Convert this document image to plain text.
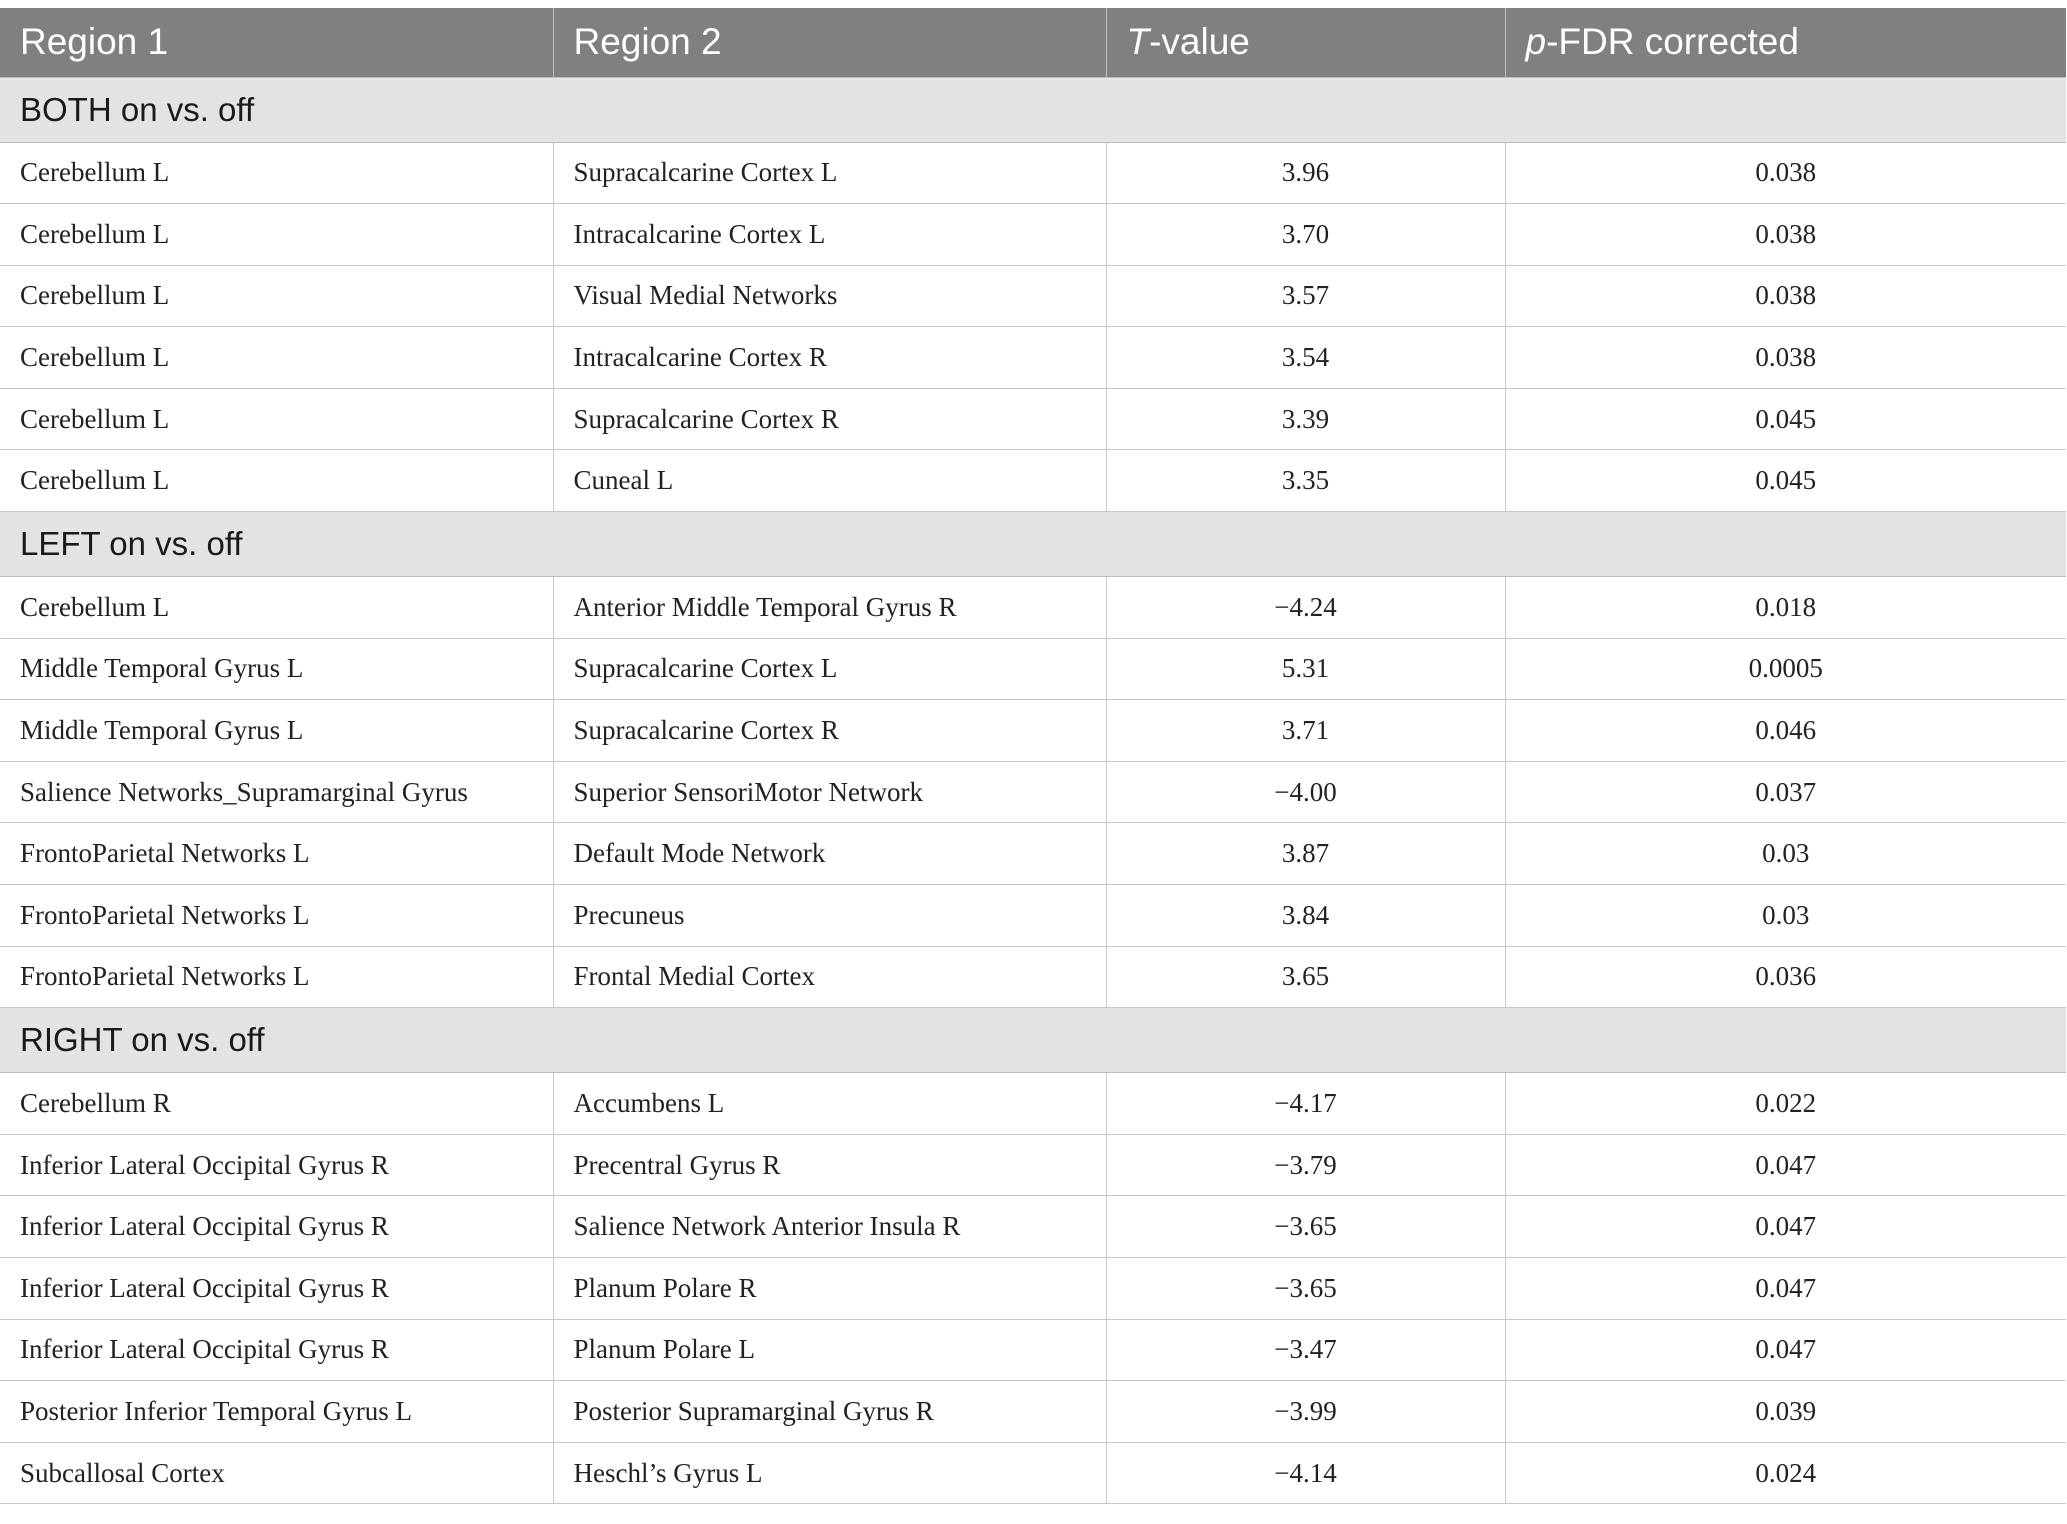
Region 1	Region 2	T-value	p-FDR corrected
BOTH on vs. off			
Cerebellum L	Supracalcarine Cortex L	3.96	0.038
Cerebellum L	Intracalcarine Cortex L	3.70	0.038
Cerebellum L	Visual Medial Networks	3.57	0.038
Cerebellum L	Intracalcarine Cortex R	3.54	0.038
Cerebellum L	Supracalcarine Cortex R	3.39	0.045
Cerebellum L	Cuneal L	3.35	0.045
LEFT on vs. off			
Cerebellum L	Anterior Middle Temporal Gyrus R	−4.24	0.018
Middle Temporal Gyrus L	Supracalcarine Cortex L	5.31	0.0005
Middle Temporal Gyrus L	Supracalcarine Cortex R	3.71	0.046
Salience Networks_Supramarginal Gyrus	Superior SensoriMotor Network	−4.00	0.037
FrontoParietal Networks L	Default Mode Network	3.87	0.03
FrontoParietal Networks L	Precuneus	3.84	0.03
FrontoParietal Networks L	Frontal Medial Cortex	3.65	0.036
RIGHT on vs. off			
Cerebellum R	Accumbens L	−4.17	0.022
Inferior Lateral Occipital Gyrus R	Precentral Gyrus R	−3.79	0.047
Inferior Lateral Occipital Gyrus R	Salience Network Anterior Insula R	−3.65	0.047
Inferior Lateral Occipital Gyrus R	Planum Polare R	−3.65	0.047
Inferior Lateral Occipital Gyrus R	Planum Polare L	−3.47	0.047
Posterior Inferior Temporal Gyrus L	Posterior Supramarginal Gyrus R	−3.99	0.039
Subcallosal Cortex	Heschl’s Gyrus L	−4.14	0.024
